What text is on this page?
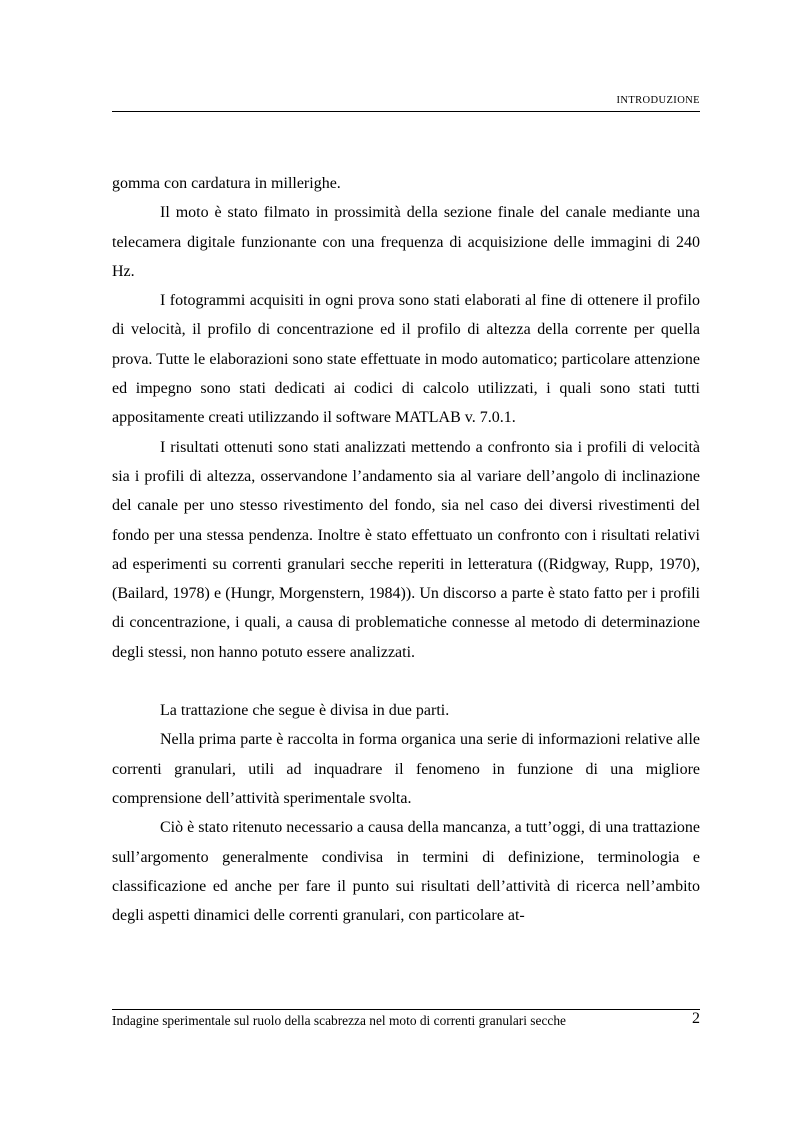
INTRODUZIONE

gomma con cardatura in millerighe.

Il moto è stato filmato in prossimità della sezione finale del canale mediante una telecamera digitale funzionante con una frequenza di acquisizione delle immagini di 240 Hz.

I fotogrammi acquisiti in ogni prova sono stati elaborati al fine di ottenere il profilo di velocità, il profilo di concentrazione ed il profilo di altezza della corrente per quella prova. Tutte le elaborazioni sono state effettuate in modo automatico; particolare attenzione ed impegno sono stati dedicati ai codici di calcolo utilizzati, i quali sono stati tutti appositamente creati utilizzando il software MATLAB v. 7.0.1.

I risultati ottenuti sono stati analizzati mettendo a confronto sia i profili di velocità sia i profili di altezza, osservandone l’andamento sia al variare dell’angolo di inclinazione del canale per uno stesso rivestimento del fondo, sia nel caso dei diversi rivestimenti del fondo per una stessa pendenza. Inoltre è stato effettuato un confronto con i risultati relativi ad esperimenti su correnti granulari secche reperiti in letteratura ((Ridgway, Rupp, 1970), (Bailard, 1978) e (Hungr, Morgenstern, 1984)). Un discorso a parte è stato fatto per i profili di concentrazione, i quali, a causa di problematiche connesse al metodo di determinazione degli stessi, non hanno potuto essere analizzati.

La trattazione che segue è divisa in due parti.

Nella prima parte è raccolta in forma organica una serie di informazioni relative alle correnti granulari, utili ad inquadrare il fenomeno in funzione di una migliore comprensione dell’attività sperimentale svolta.

Ciò è stato ritenuto necessario a causa della mancanza, a tutt’oggi, di una trattazione sull’argomento generalmente condivisa in termini di definizione, terminologia e classificazione ed anche per fare il punto sui risultati dell’attività di ricerca nell’ambito degli aspetti dinamici delle correnti granulari, con particolare at-

Indagine sperimentale sul ruolo della scabrezza nel moto di correnti granulari secche	2
